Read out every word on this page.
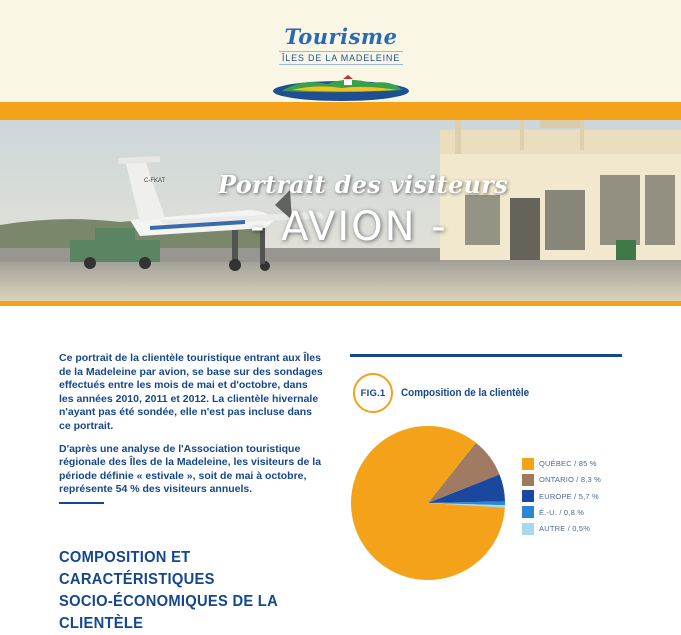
Tourisme
ÎLES DE LA MADELEINE
C-FKAT Portrait des visiteurs
- AVION -

Ce portrait de la clientèle touristique entrant aux Îles de la Madeleine par avion, se base sur des sondages effectués entre les mois de mai et d'octobre, dans les années 2010, 2011 et 2012. La clientèle hivernale n'ayant pas été sondée, elle n'est pas incluse dans ce portrait.

D'après une analyse de l'Association touristique régionale des Îles de la Madeleine, les visiteurs de la période définie « estivale », soit de mai à octobre, représente 54 % des visiteurs annuels.

COMPOSITION ET CARACTÉRISTIQUES
SOCIO-ÉCONOMIQUES DE LA CLIENTÈLE
FIG.1	Composition de la clientèle
QUÉBEC / 85 %
ONTARIO / 8,3 %
EUROPE / 5,7 %
É.-U. / 0,8 %
AUTRE / 0,5%
